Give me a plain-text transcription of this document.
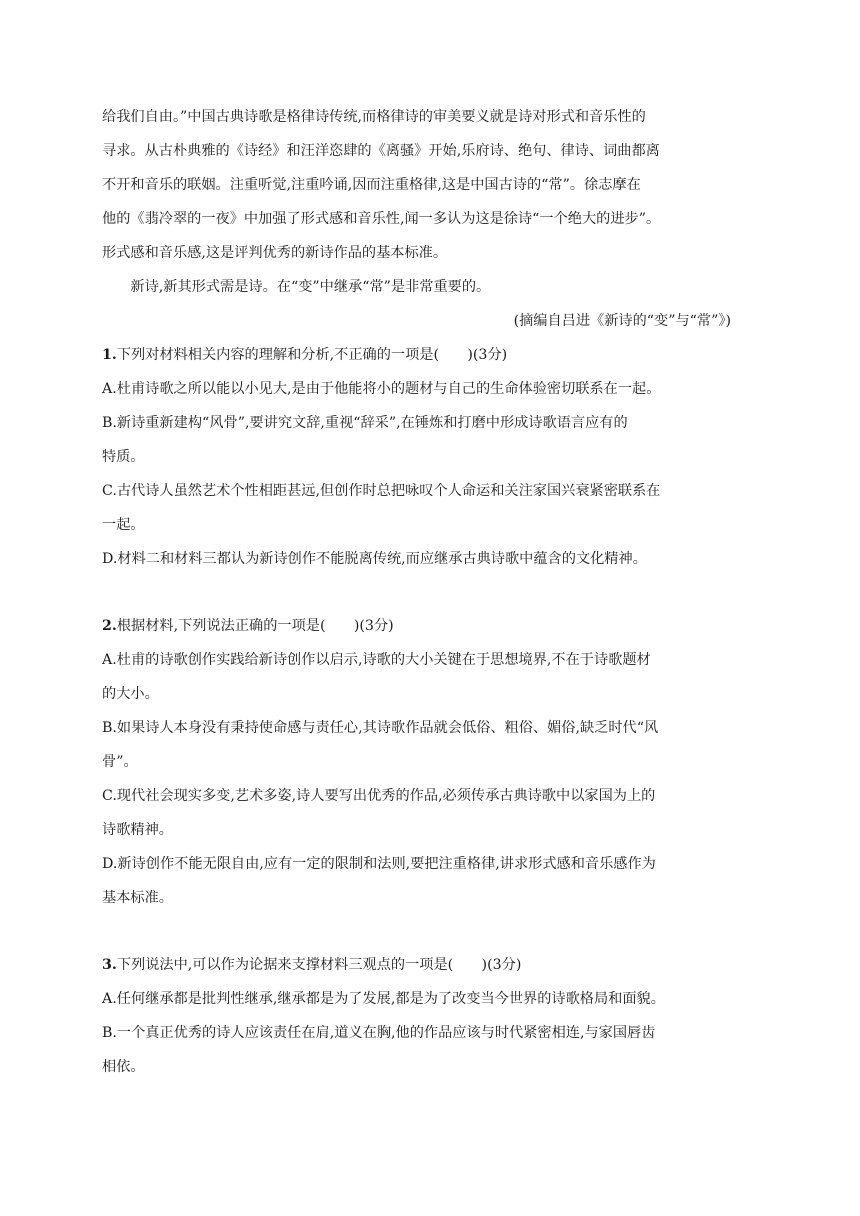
给我们自由。”中国古典诗歌是格律诗传统,而格律诗的审美要义就是诗对形式和音乐性的

寻求。从古朴典雅的《诗经》和汪洋恣肆的《离骚》开始,乐府诗、绝句、律诗、词曲都离

不开和音乐的联姻。注重听觉,注重吟诵,因而注重格律,这是中国古诗的“常”。徐志摩在

他的《翡冷翠的一夜》中加强了形式感和音乐性,闻一多认为这是徐诗“一个绝大的进步”。

形式感和音乐感,这是评判优秀的新诗作品的基本标准。

新诗,新其形式需是诗。在“变”中继承“常”是非常重要的。

(摘编自吕进《新诗的“变”与“常”》)

1.下列对材料相关内容的理解和分析,不正确的一项是(　　)(3分)

A.杜甫诗歌之所以能以小见大,是由于他能将小的题材与自己的生命体验密切联系在一起。

B.新诗重新建构“风骨”,要讲究文辞,重视“辞采”,在锤炼和打磨中形成诗歌语言应有的

特质。

C.古代诗人虽然艺术个性相距甚远,但创作时总把咏叹个人命运和关注家国兴衰紧密联系在

一起。

D.材料二和材料三都认为新诗创作不能脱离传统,而应继承古典诗歌中蕴含的文化精神。

2.根据材料,下列说法正确的一项是(　　)(3分)

A.杜甫的诗歌创作实践给新诗创作以启示,诗歌的大小关键在于思想境界,不在于诗歌题材

的大小。

B.如果诗人本身没有秉持使命感与责任心,其诗歌作品就会低俗、粗俗、媚俗,缺乏时代“风

骨”。

C.现代社会现实多变,艺术多姿,诗人要写出优秀的作品,必须传承古典诗歌中以家国为上的

诗歌精神。

D.新诗创作不能无限自由,应有一定的限制和法则,要把注重格律,讲求形式感和音乐感作为

基本标准。

3.下列说法中,可以作为论据来支撑材料三观点的一项是(　　)(3分)

A.任何继承都是批判性继承,继承都是为了发展,都是为了改变当今世界的诗歌格局和面貌。

B.一个真正优秀的诗人应该责任在肩,道义在胸,他的作品应该与时代紧密相连,与家国唇齿

相依。
